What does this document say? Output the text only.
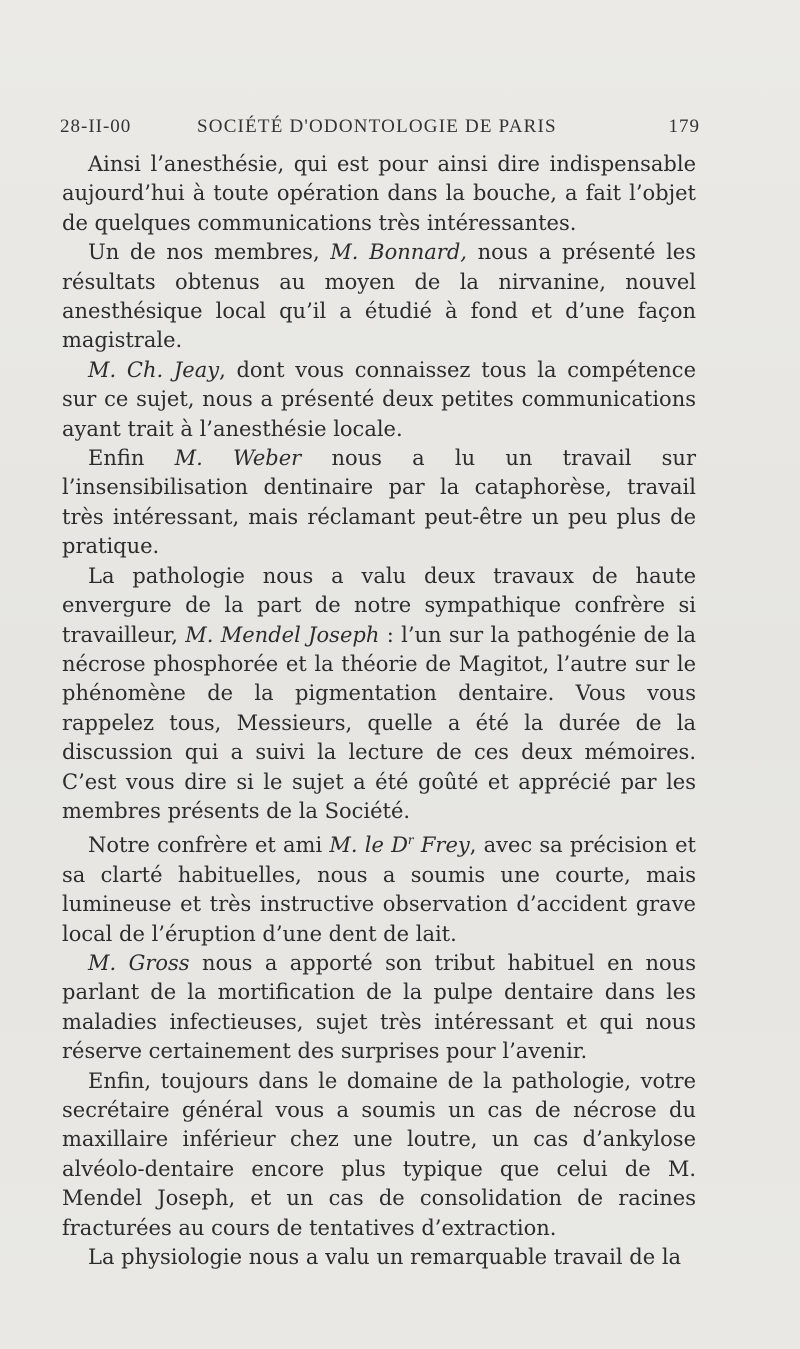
28-II-00	SOCIÉTÉ D'ODONTOLOGIE DE PARIS	179

Ainsi l’anesthésie, qui est pour ainsi dire indispensable aujourd’hui à toute opération dans la bouche, a fait l’objet de quelques communications très intéressantes.

Un de nos membres, M. Bonnard, nous a présenté les résultats obtenus au moyen de la nirvanine, nouvel anesthésique local qu’il a étudié à fond et d’une façon magistrale.

M. Ch. Jeay, dont vous connaissez tous la compétence sur ce sujet, nous a présenté deux petites communications ayant trait à l’anesthésie locale.

Enfin M. Weber nous a lu un travail sur l’insensibilisation dentinaire par la cataphorèse, travail très intéressant, mais réclamant peut-être un peu plus de pratique.

La pathologie nous a valu deux travaux de haute envergure de la part de notre sympathique confrère si travailleur, M. Mendel Joseph : l’un sur la pathogénie de la nécrose phosphorée et la théorie de Magitot, l’autre sur le phénomène de la pigmentation dentaire. Vous vous rappelez tous, Messieurs, quelle a été la durée de la discussion qui a suivi la lecture de ces deux mémoires. C’est vous dire si le sujet a été goûté et apprécié par les membres présents de la Société.

Notre confrère et ami M. le $D^r$ Frey, avec sa précision et sa clarté habituelles, nous a soumis une courte, mais lumineuse et très instructive observation d’accident grave local de l’éruption d’une dent de lait.

M. Gross nous a apporté son tribut habituel en nous parlant de la mortification de la pulpe dentaire dans les maladies infectieuses, sujet très intéressant et qui nous réserve certainement des surprises pour l’avenir.

Enfin, toujours dans le domaine de la pathologie, votre secrétaire général vous a soumis un cas de nécrose du maxillaire inférieur chez une loutre, un cas d’ankylose alvéolo-dentaire encore plus typique que celui de M. Mendel Joseph, et un cas de consolidation de racines fracturées au cours de tentatives d’extraction.

La physiologie nous a valu un remarquable travail de la
